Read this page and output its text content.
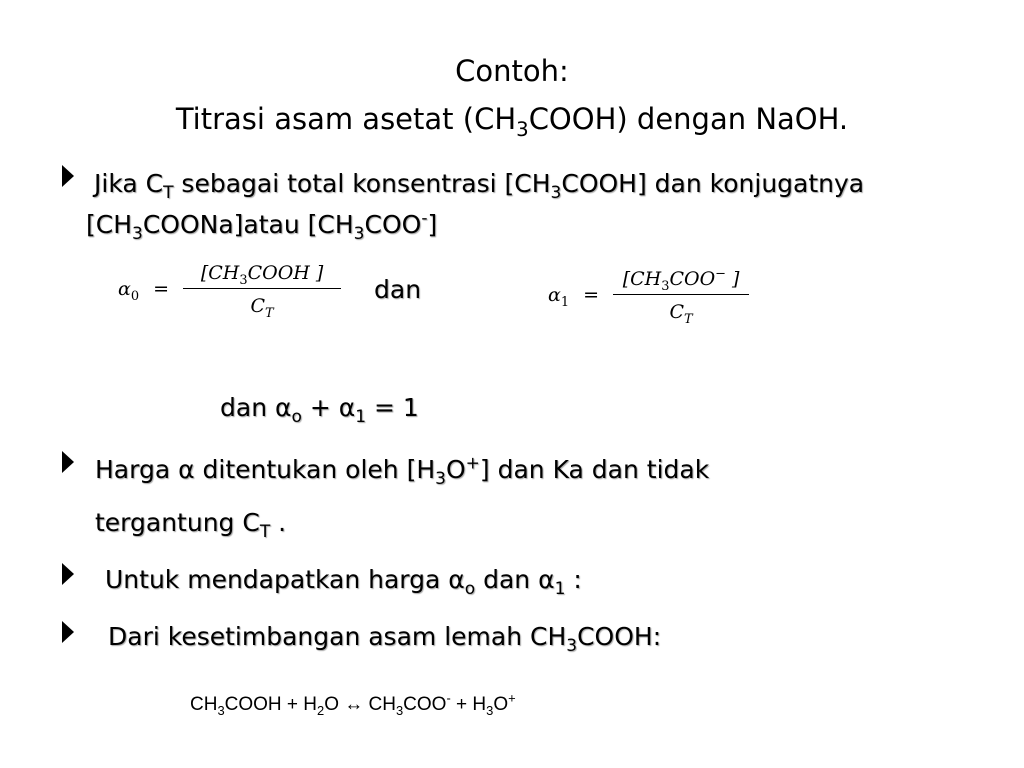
Contoh:
Titrasi asam asetat $(CH_3COOH)$ dengan NaOH.
Jika $C_T$ sebagai total konsentrasi $[CH_3COOH]$ dan konjugatnya
$[CH_3COONa]atau$ $[CH_3COO^-]$
$\alpha_0 = \frac{[CH_3COOH ]}{C_T}$ dan	$\alpha_1 = \frac{[CH_3COO^- ]}{C_T}$
dan $\alpha_o + \alpha_1 = 1$
Harga α ditentukan oleh $[H_3O^+]$ dan Ka dan tidak
tergantung $C_T$ .
Untuk mendapatkan harga $\alpha_o$ dan $\alpha_1$ :
Dari kesetimbangan asam lemah $CH_3COOH$:
$CH_3COOH + H_2O$ ↔ $CH_3COO^- + H_3O^+$
